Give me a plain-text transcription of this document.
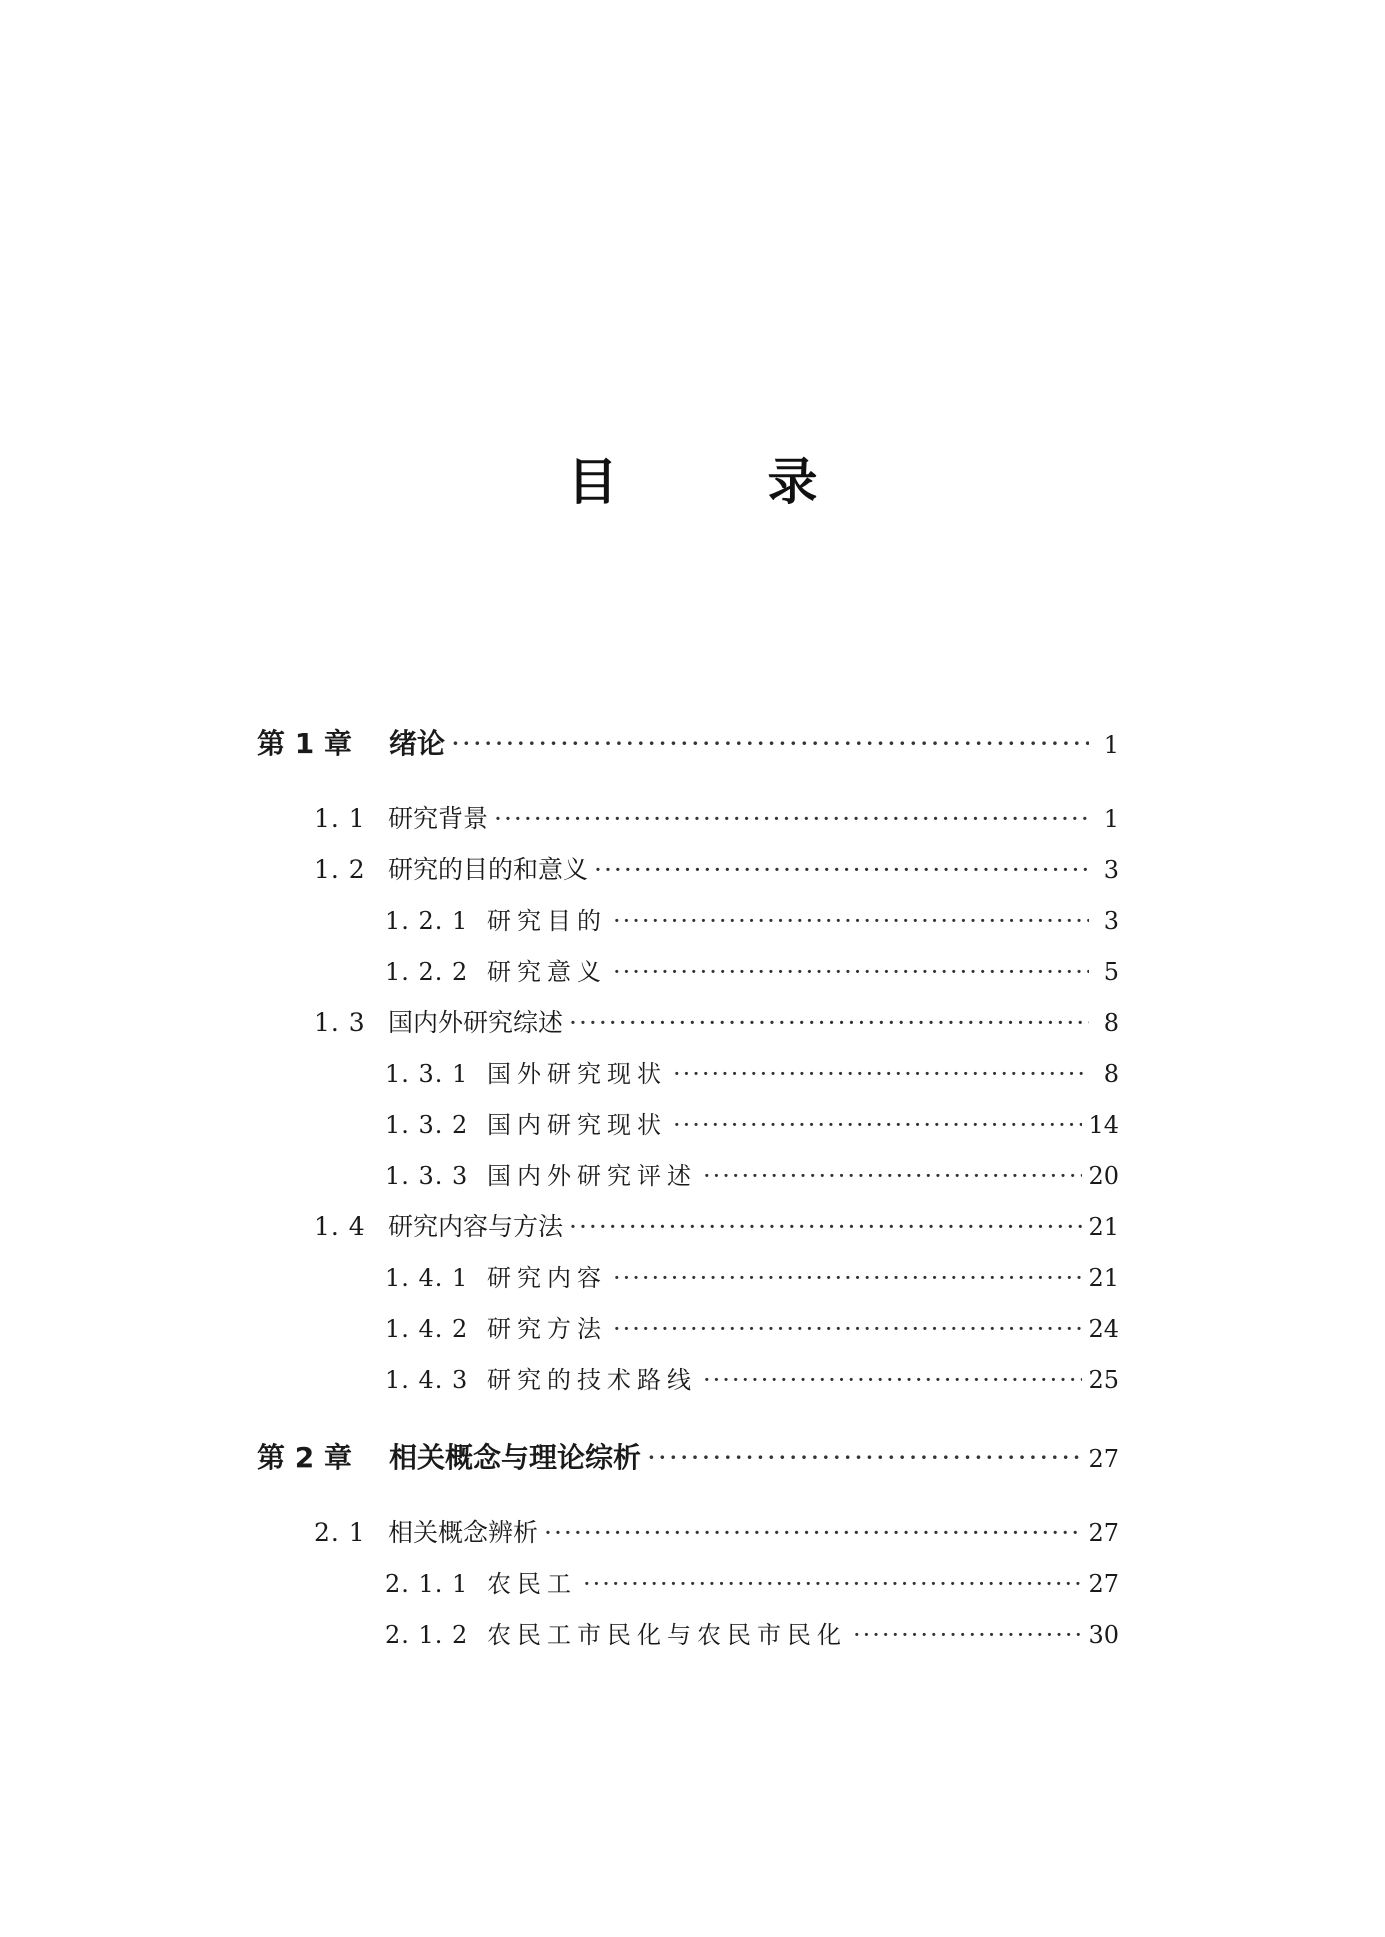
目	录
第 1 章	绪论 ·····	1
1. 1 研究背景 ·····	1
1. 2 研究的目的和意义 ·····	3
1. 2. 1 研究目的 ·····	3
1. 2. 2 研究意义 ·····	5
1. 3 国内外研究综述 ·····	8
1. 3. 1 国外研究现状 ·····	8
1. 3. 2 国内研究现状 ·····	14
1. 3. 3 国内外研究评述 ·····	20
1. 4 研究内容与方法 ·····	21
1. 4. 1 研究内容 ·····	21
1. 4. 2 研究方法 ·····	24
1. 4. 3 研究的技术路线 ·····	25
第 2 章	相关概念与理论综析 ·····	27
2. 1 相关概念辨析 ·····	27
2. 1. 1 农民工 ·····	27
2. 1. 2 农民工市民化与农民市民化 ·····	30
